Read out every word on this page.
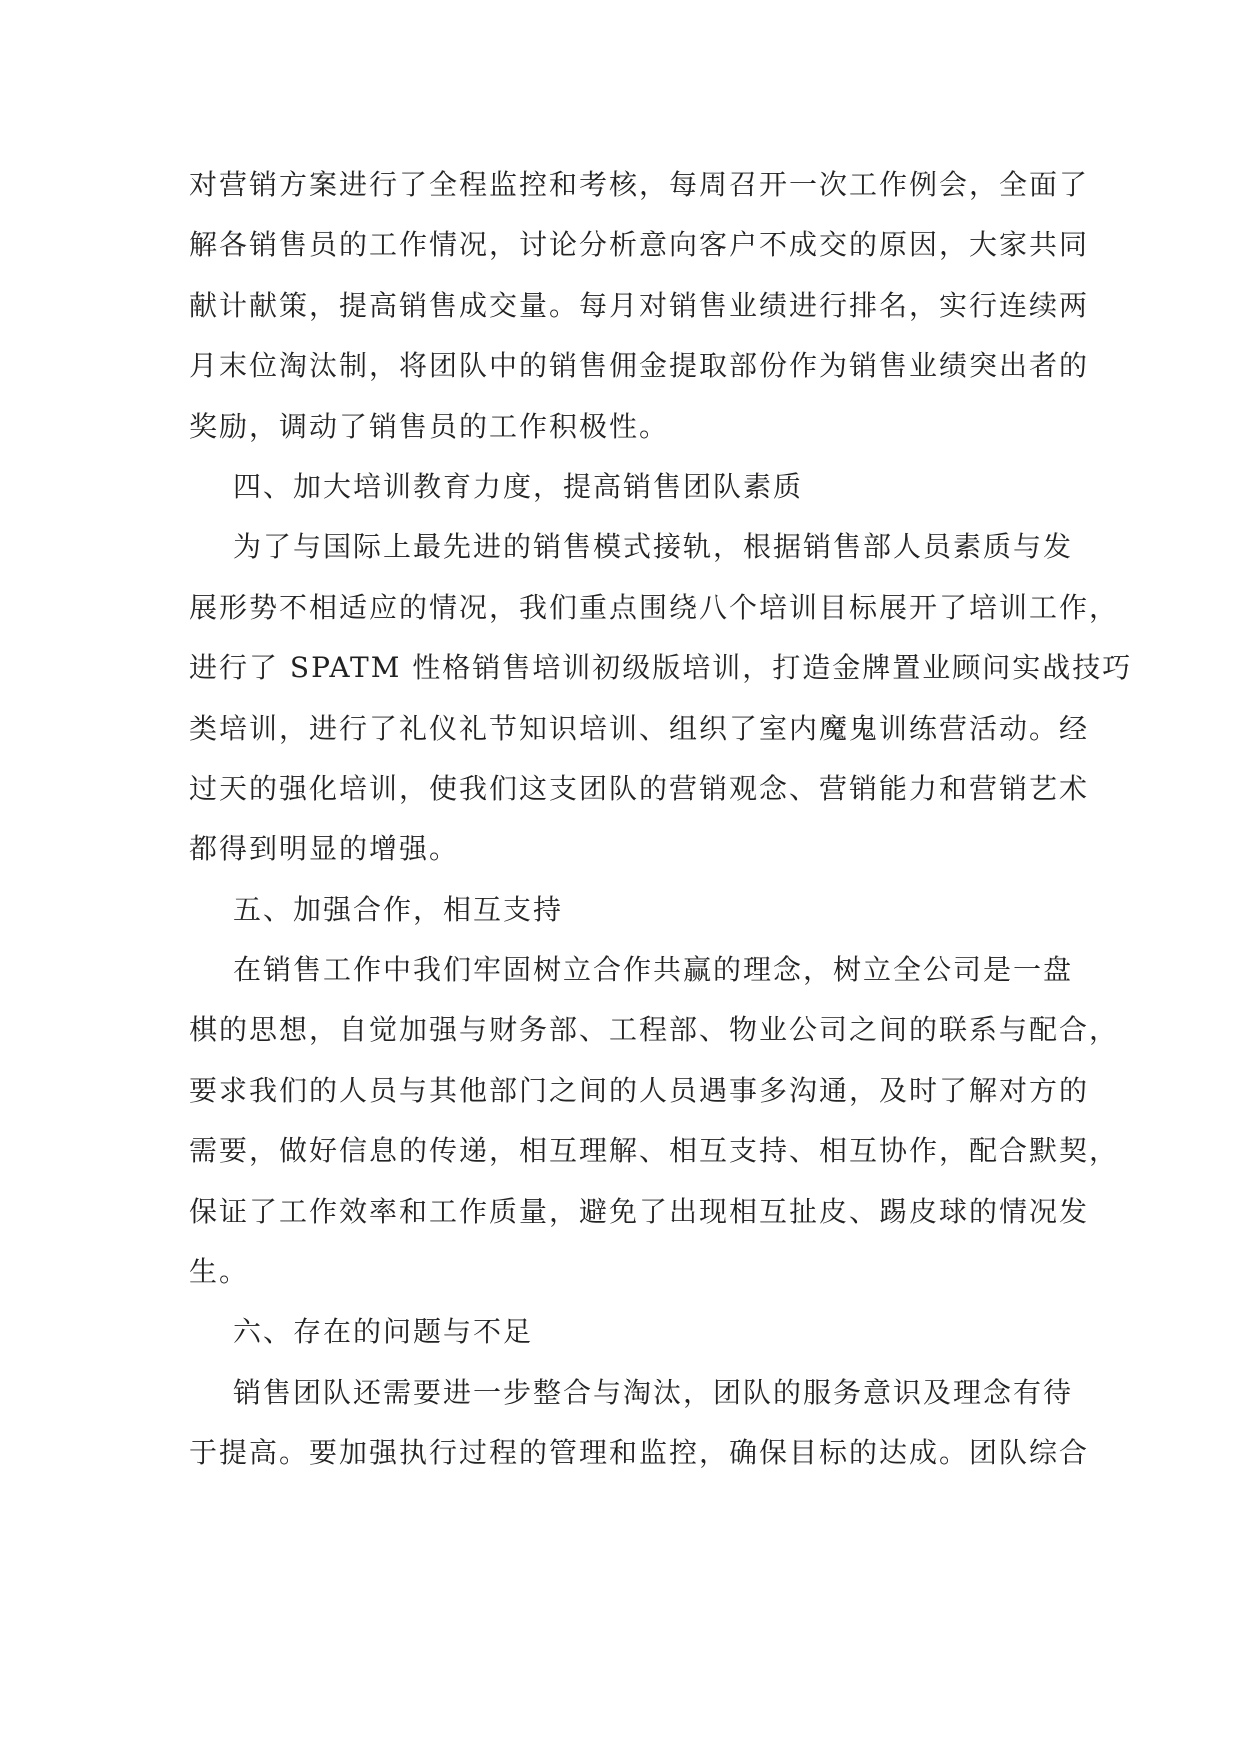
对营销方案进行了全程监控和考核，每周召开一次工作例会，全面了
解各销售员的工作情况，讨论分析意向客户不成交的原因，大家共同
献计献策，提高销售成交量。每月对销售业绩进行排名，实行连续两
月末位淘汰制，将团队中的销售佣金提取部份作为销售业绩突出者的
奖励，调动了销售员的工作积极性。
四、加大培训教育力度，提高销售团队素质
为了与国际上最先进的销售模式接轨，根据销售部人员素质与发
展形势不相适应的情况，我们重点围绕八个培训目标展开了培训工作，
进行了 SPATM 性格销售培训初级版培训，打造金牌置业顾问实战技巧
类培训，进行了礼仪礼节知识培训、组织了室内魔鬼训练营活动。经
过天的强化培训，使我们这支团队的营销观念、营销能力和营销艺术
都得到明显的增强。
五、加强合作，相互支持
在销售工作中我们牢固树立合作共赢的理念，树立全公司是一盘
棋的思想，自觉加强与财务部、工程部、物业公司之间的联系与配合，
要求我们的人员与其他部门之间的人员遇事多沟通，及时了解对方的
需要，做好信息的传递，相互理解、相互支持、相互协作，配合默契，
保证了工作效率和工作质量，避免了出现相互扯皮、踢皮球的情况发
生。
六、存在的问题与不足
销售团队还需要进一步整合与淘汰，团队的服务意识及理念有待
于提高。要加强执行过程的管理和监控，确保目标的达成。团队综合
